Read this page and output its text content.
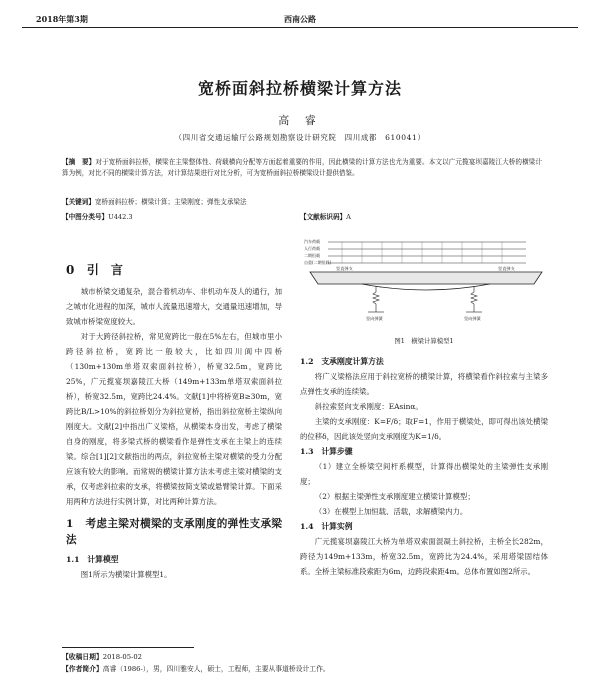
2018年第3期	西南公路
宽桥面斜拉桥横梁计算方法
高 睿
（四川省交通运输厅公路规划勘察设计研究院　四川成都　610041）
【摘　要】对于宽桥面斜拉桥，横梁在主梁整体性、荷载横向分配等方面起着重要的作用，因此横梁的计算方法也尤为重要。本文以广元揽宴坝嘉陵江大桥的横梁计算为例，对比不同的横梁计算方法，对计算结果进行对比分析，可为宽桥面斜拉桥横梁设计提供借鉴。
【关键词】宽桥面斜拉桥；横梁计算；主梁刚度；弹性支承梁法
【中图分类号】U442.3	【文献标识码】A
0 引　言

城市桥梁交通复杂，混合着机动车、非机动车及人的通行，加之城市化进程的加深，城市人流量迅速增大，交通量迅速增加，导致城市桥梁宽度较大。

对于大跨径斜拉桥，常见宽跨比一般在5%左右，但城市里小跨径斜拉桥，宽跨比一般较大，比如四川阆中四桥（130m+130m单塔双索面斜拉桥），桥宽32.5m，宽跨比25%，广元揽宴坝嘉陵江大桥（149m+133m单塔双索面斜拉桥），桥宽32.5m，宽跨比24.4%。文献[1]中将桥宽B≥30m，宽跨比B/L>10%的斜拉桥划分为斜拉宽桥，指出斜拉宽桥主梁纵向刚度大。文献[2]中指出广义梁格，从横梁本身出发，考虑了横梁自身的刚度，将多梁式桥的横梁看作是弹性支承在主梁上的连续梁。综合[1][2]文献指出的两点，斜拉宽桥主梁对横梁的受力分配应该有较大的影响。而常规的横梁计算方法未考虑主梁对横梁的支承，仅考虑斜拉索的支承，将横梁按简支梁或悬臂梁计算。下面采用两种方法进行实例计算，对比两种计算方法。

1 考虑主梁对横梁的支承刚度的弹性支承梁法
1.1　计算模型

图1所示为横梁计算模型1。

汽车荷载
人行荷载
二期恒载
自重(二期恒载)
竖直弹支	竖直弹支
竖向弹簧	竖向弹簧
图1　横梁计算模型1
1.2　支承刚度计算方法

将广义梁格法应用于斜拉宽桥的横梁计算，将横梁看作斜拉索与主梁多点弹性支承的连续梁。

斜拉索竖向支承刚度：EAsinα。

主梁的支承刚度：K=F/δ；取F=1，作用于横梁处，即可得出该处横梁的位移δ，因此该处竖向支承刚度为K=1/δ。

1.3　计算步骤

（1）建立全桥梁空间杆系模型，计算得出横梁处的主梁弹性支承刚度；

（2）根据主梁弹性支承刚度建立横梁计算模型；

（3）在模型上加恒载、活载，求解横梁内力。

1.4　计算实例

广元揽宴坝嘉陵江大桥为单塔双索面混凝土斜拉桥，主桥全长282m，跨径为149m+133m，桥宽32.5m，宽跨比为24.4%，采用塔梁固结体系。全桥主梁标准段索距为6m，边跨段索距4m。总体布置如图2所示。

【收稿日期】2018-05-02
【作者简介】高睿（1986-），男，四川雅安人，硕士，工程师，主要从事道桥设计工作。
